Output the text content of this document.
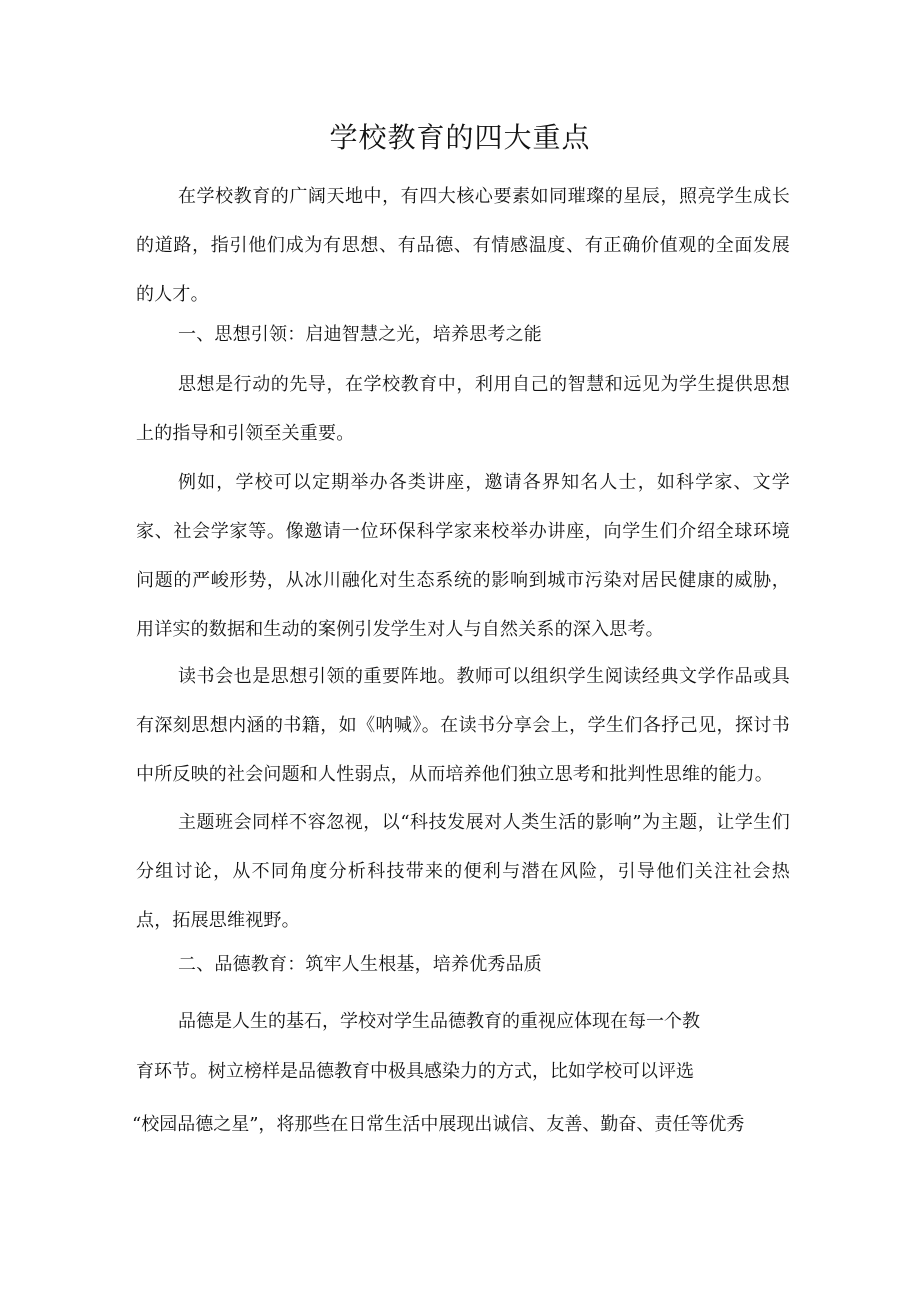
学校教育的四大重点

在学校教育的广阔天地中，有四大核心要素如同璀璨的星辰，照亮学生成长的道路，指引他们成为有思想、有品德、有情感温度、有正确价值观的全面发展的人才。

一、思想引领：启迪智慧之光，培养思考之能

思想是行动的先导，在学校教育中，利用自己的智慧和远见为学生提供思想上的指导和引领至关重要。

例如，学校可以定期举办各类讲座，邀请各界知名人士，如科学家、文学家、社会学家等。像邀请一位环保科学家来校举办讲座，向学生们介绍全球环境问题的严峻形势，从冰川融化对生态系统的影响到城市污染对居民健康的威胁，用详实的数据和生动的案例引发学生对人与自然关系的深入思考。

读书会也是思想引领的重要阵地。教师可以组织学生阅读经典文学作品或具有深刻思想内涵的书籍，如《呐喊》。在读书分享会上，学生们各抒己见，探讨书中所反映的社会问题和人性弱点，从而培养他们独立思考和批判性思维的能力。

主题班会同样不容忽视，以“科技发展对人类生活的影响”为主题，让学生们分组讨论，从不同角度分析科技带来的便利与潜在风险，引导他们关注社会热点，拓展思维视野。

二、品德教育：筑牢人生根基，培养优秀品质

品德是人生的基石，学校对学生品德教育的重视应体现在每一个教

育环节。树立榜样是品德教育中极具感染力的方式，比如学校可以评选

“校园品德之星”，将那些在日常生活中展现出诚信、友善、勤奋、责任等优秀
